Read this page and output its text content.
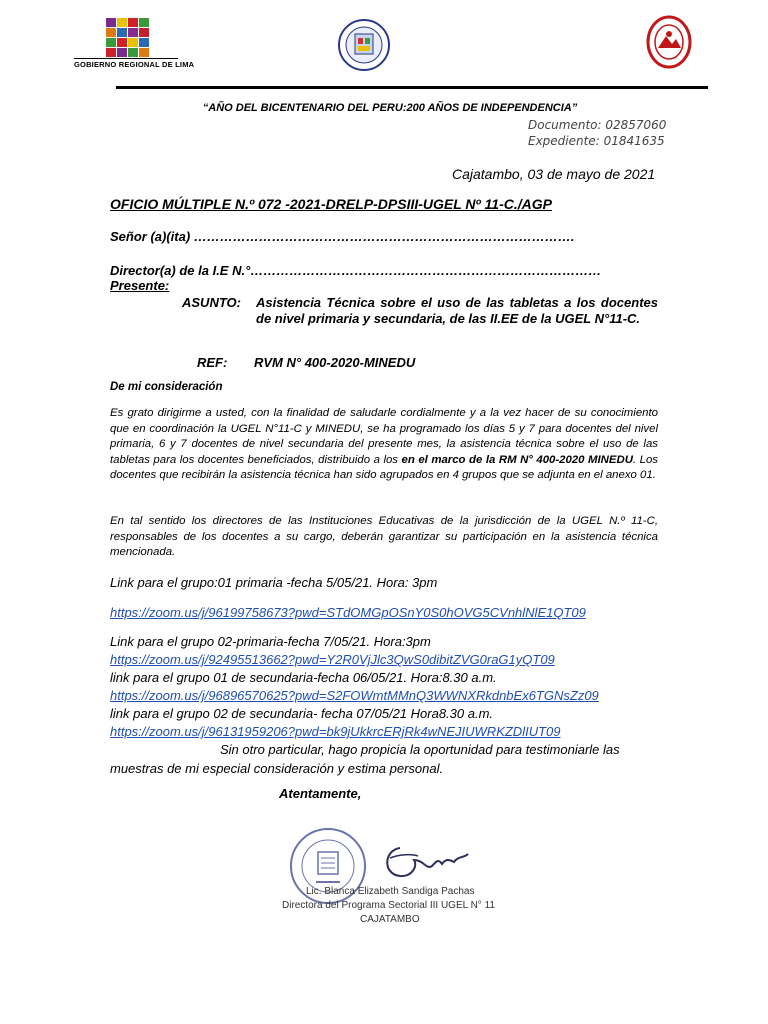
GOBIERNO REGIONAL DE LIMA
“AÑO DEL BICENTENARIO DEL PERU:200 AÑOS DE INDEPENDENCIA”
Documento: 02857060
Expediente: 01841635
Cajatambo, 03 de mayo de 2021
OFICIO MÚLTIPLE N.º 072 -2021-DRELP-DPSIII-UGEL Nº 11-C./AGP
Señor (a)(ita) …………………………………………………………………………….
Director(a) de la I.E N.°………………………………………………………………………
Presente:
ASUNTO: Asistencia Técnica sobre el uso de las tabletas a los docentes de nivel primaria y secundaria, de las II.EE de la UGEL N°11-C.
REF: RVM N° 400-2020-MINEDU
De mi consideración
Es grato dirigirme a usted, con la finalidad de saludarle cordialmente y a la vez hacer de su conocimiento que en coordinación la UGEL N°11-C y MINEDU, se ha programado los días 5 y 7 para docentes del nivel primaria, 6 y 7 docentes de nivel secundaria del presente mes, la asistencia técnica sobre el uso de las tabletas para los docentes beneficiados, distribuido a los en el marco de la RM N° 400-2020 MINEDU. Los docentes que recibirán la asistencia técnica han sido agrupados en 4 grupos que se adjunta en el anexo 01.
En tal sentido los directores de las Instituciones Educativas de la jurisdicción de la UGEL N.º 11-C, responsables de los docentes a su cargo, deberán garantizar su participación en la asistencia técnica mencionada.
Link para el grupo:01 primaria -fecha 5/05/21. Hora: 3pm
https://zoom.us/j/96199758673?pwd=STdOMGpOSnY0S0hOVG5CVnhlNlE1QT09
Link para el grupo 02-primaria-fecha 7/05/21. Hora:3pm
https://zoom.us/j/92495513662?pwd=Y2R0VjJlc3QwS0dibitZVG0raG1yQT09
link para el grupo 01 de secundaria-fecha 06/05/21. Hora:8.30 a.m.
https://zoom.us/j/96896570625?pwd=S2FOWmtMMnQ3WWNXRkdnbEx6TGNsZz09
link para el grupo 02 de secundaria- fecha 07/05/21 Hora8.30 a.m.
https://zoom.us/j/96131959206?pwd=bk9jUkkrcERjRk4wNEJIUWRKZDlIUT09
Sin otro particular, hago propicia la oportunidad para testimoniarle las muestras de mi especial consideración y estima personal.
Atentamente,
Lic. Blanca Elizabeth Sandiga Pachas
Directora del Programa Sectorial III UGEL N° 11
CAJATAMBO
